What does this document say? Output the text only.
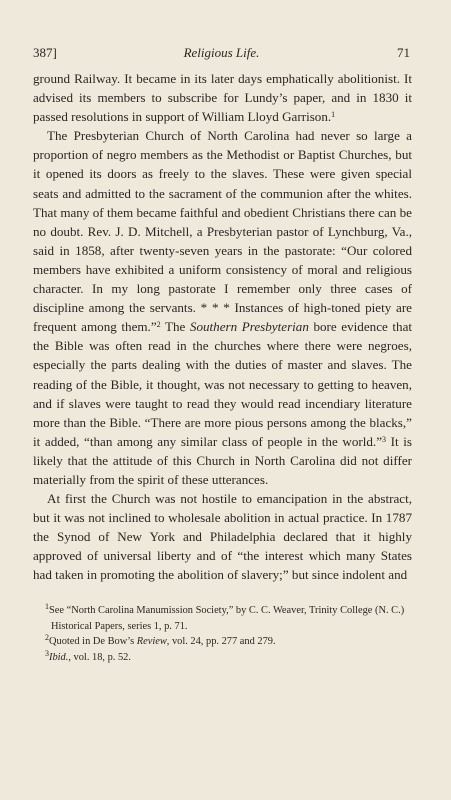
387]	Religious Life.	71

ground Railway. It became in its later days emphatically abolitionist. It advised its members to subscribe for Lundy’s paper, and in 1830 it passed resolutions in support of William Lloyd Garrison.$^1$

The Presbyterian Church of North Carolina had never so large a proportion of negro members as the Methodist or Baptist Churches, but it opened its doors as freely to the slaves. These were given special seats and admitted to the sacrament of the communion after the whites. That many of them became faithful and obedient Christians there can be no doubt. Rev. J. D. Mitchell, a Presbyterian pastor of Lynchburg, Va., said in 1858, after twenty-seven years in the pastorate: “Our colored members have exhibited a uniform consistency of moral and religious character. In my long pastorate I remember only three cases of discipline among the servants. * * * Instances of high-toned piety are frequent among them.”$^2$ The Southern Presbyterian bore evidence that the Bible was often read in the churches where there were negroes, especially the parts dealing with the duties of master and slaves. The reading of the Bible, it thought, was not necessary to getting to heaven, and if slaves were taught to read they would read incendiary literature more than the Bible. “There are more pious persons among the blacks,” it added, “than among any similar class of people in the world.”$^3$ It is likely that the attitude of this Church in North Carolina did not differ materially from the spirit of these utterances.

At first the Church was not hostile to emancipation in the abstract, but it was not inclined to wholesale abolition in actual practice. In 1787 the Synod of New York and Philadelphia declared that it highly approved of universal liberty and of “the interest which many States had taken in promoting the abolition of slavery;” but since indolent and

$^1$See “North Carolina Manumission Society,” by C. C. Weaver, Trinity College (N. C.) Historical Papers, series 1, p. 71.

$^2$Quoted in De Bow’s Review, vol. 24, pp. 277 and 279.

$^3$Ibid., vol. 18, p. 52.
